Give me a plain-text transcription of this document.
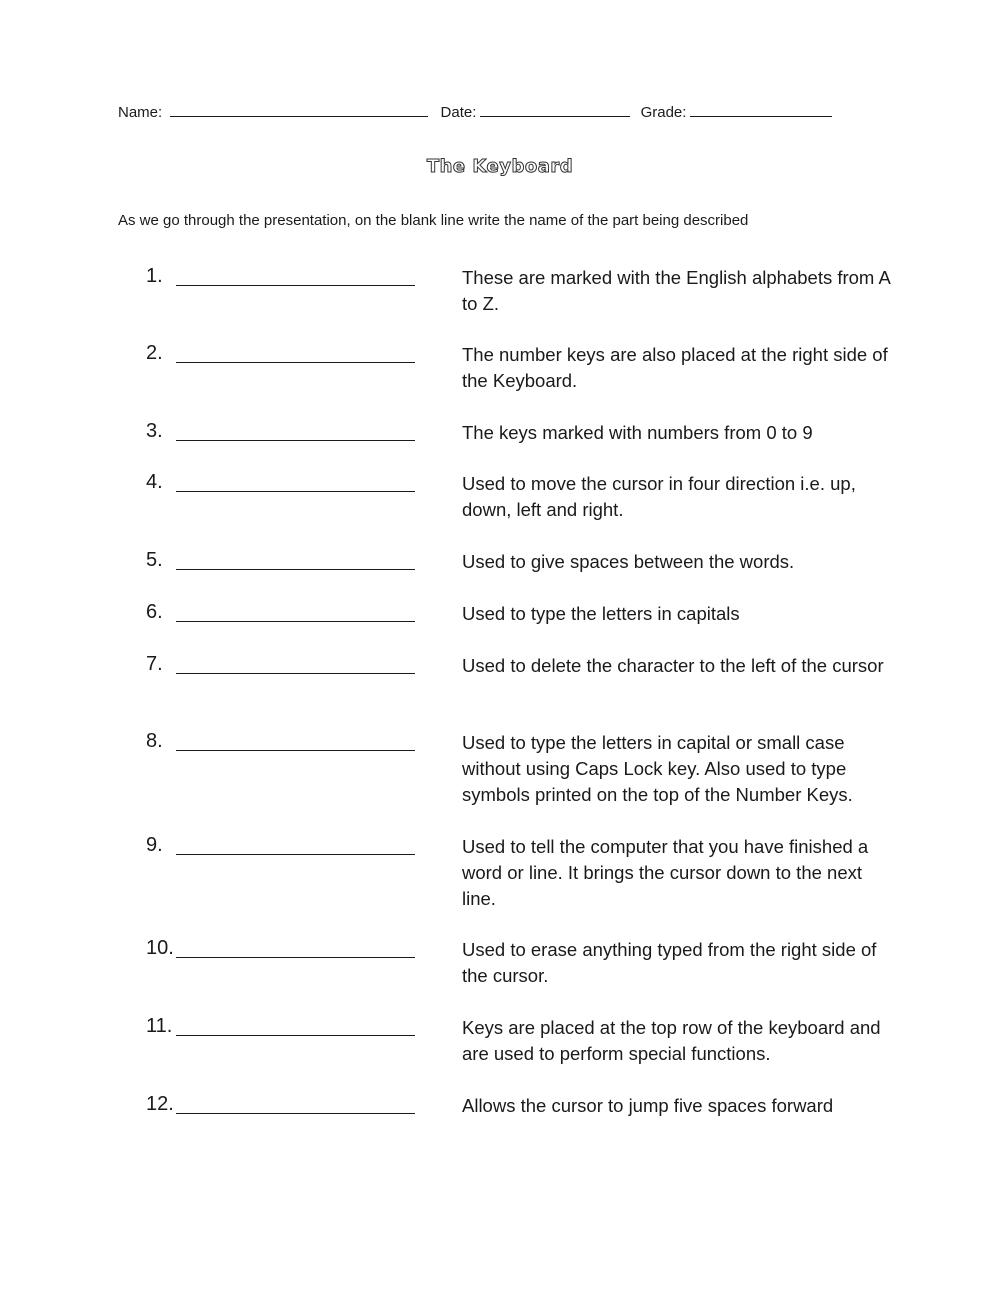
Name:	Date:	Grade:
The Keyboard
As we go through the presentation, on the blank line write the name of the part being described
1.	These are marked with the English alphabets from A to Z.
2.	The number keys are also placed at the right side of the Keyboard.
3.	The keys marked with numbers from 0 to 9
4.	Used to move the cursor in four direction i.e. up, down, left and right.
5.	Used to give spaces between the words.
6.	Used to type the letters in capitals
7.	Used to delete the character to the left of the cursor
8.	Used to type the letters in capital or small case without using Caps Lock key. Also used to type symbols printed on the top of the Number Keys.
9.	Used to tell the computer that you have finished a word or line. It brings the cursor down to the next line.
10.	Used to erase anything typed from the right side of the cursor.
11.	Keys are placed at the top row of the keyboard and are used to perform special functions.
12.	Allows the cursor to jump five spaces forward
